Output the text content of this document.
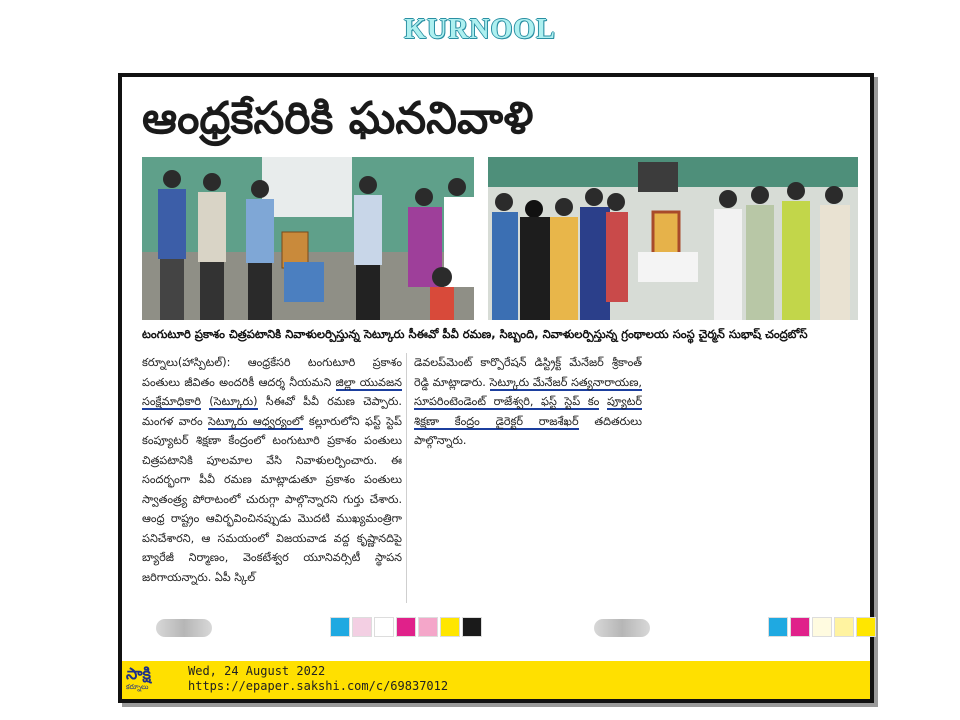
KURNOOL
ఆంధ్రకేసరికి ఘననివాళి
టంగుటూరి ప్రకాశం చిత్రపటానికి నివాళులర్పిస్తున్న సెట్కూరు సీఈవో పీవీ రమణ, సిబ్బంది, నివాళులర్పిస్తున్న గ్రంథాలయ సంస్థ చైర్మన్ సుభాష్ చంద్రబోస్

కర్నూలు(హాస్పిటల్): ఆంధ్రకేసరి టంగుటూరి ప్రకాశం పంతులు జీవితం అందరికీ ఆదర్శ నీయమని జిల్లా యువజన సంక్షేమాధికారి (సెట్కూరు) సీఈవో పీవీ రమణ చెప్పారు. మంగళ వారం సెట్కూరు ఆధ్వర్యంలో కల్లూరులోని ఫస్ట్ స్టెప్ కంప్యూటర్ శిక్షణా కేంద్రంలో టంగుటూరి ప్రకాశం పంతులు చిత్రపటానికి పూలమాల వేసి నివాళులర్పించారు. ఈ సందర్భంగా పీవీ రమణ మాట్లాడుతూ ప్రకాశం పంతులు స్వాతంత్ర్య పోరాటంలో చురుగ్గా పాల్గొన్నారని గుర్తు చేశారు. ఆంధ్ర రాష్ట్రం ఆవిర్భవించినప్పుడు మొదటి ముఖ్యమంత్రిగా పనిచేశారని, ఆ సమయంలో విజయవాడ వద్ద కృష్ణానదిపై బ్యారేజీ నిర్మాణం, వెంకటేశ్వర యూనివర్సిటీ స్థాపన జరిగాయన్నారు. ఏపీ స్కిల్

డెవలప్‌మెంట్ కార్పొరేషన్ డిస్ట్రిక్ట్ మేనేజర్ శ్రీకాంత్ రెడ్డి మాట్లాడారు. సెట్కూరు మేనేజర్ సత్యనారాయణ, సూపరింటెండెంట్ రాజేశ్వరి, ఫస్ట్ స్టెప్ కం ప్యూటర్ శిక్షణా కేంద్రం డైరెక్టర్ రాజశేఖర్ తదితరులు పాల్గొన్నారు.

సాక్షి
కర్నూలు
Wed, 24 August 2022
https://epaper.sakshi.com/c/69837012
